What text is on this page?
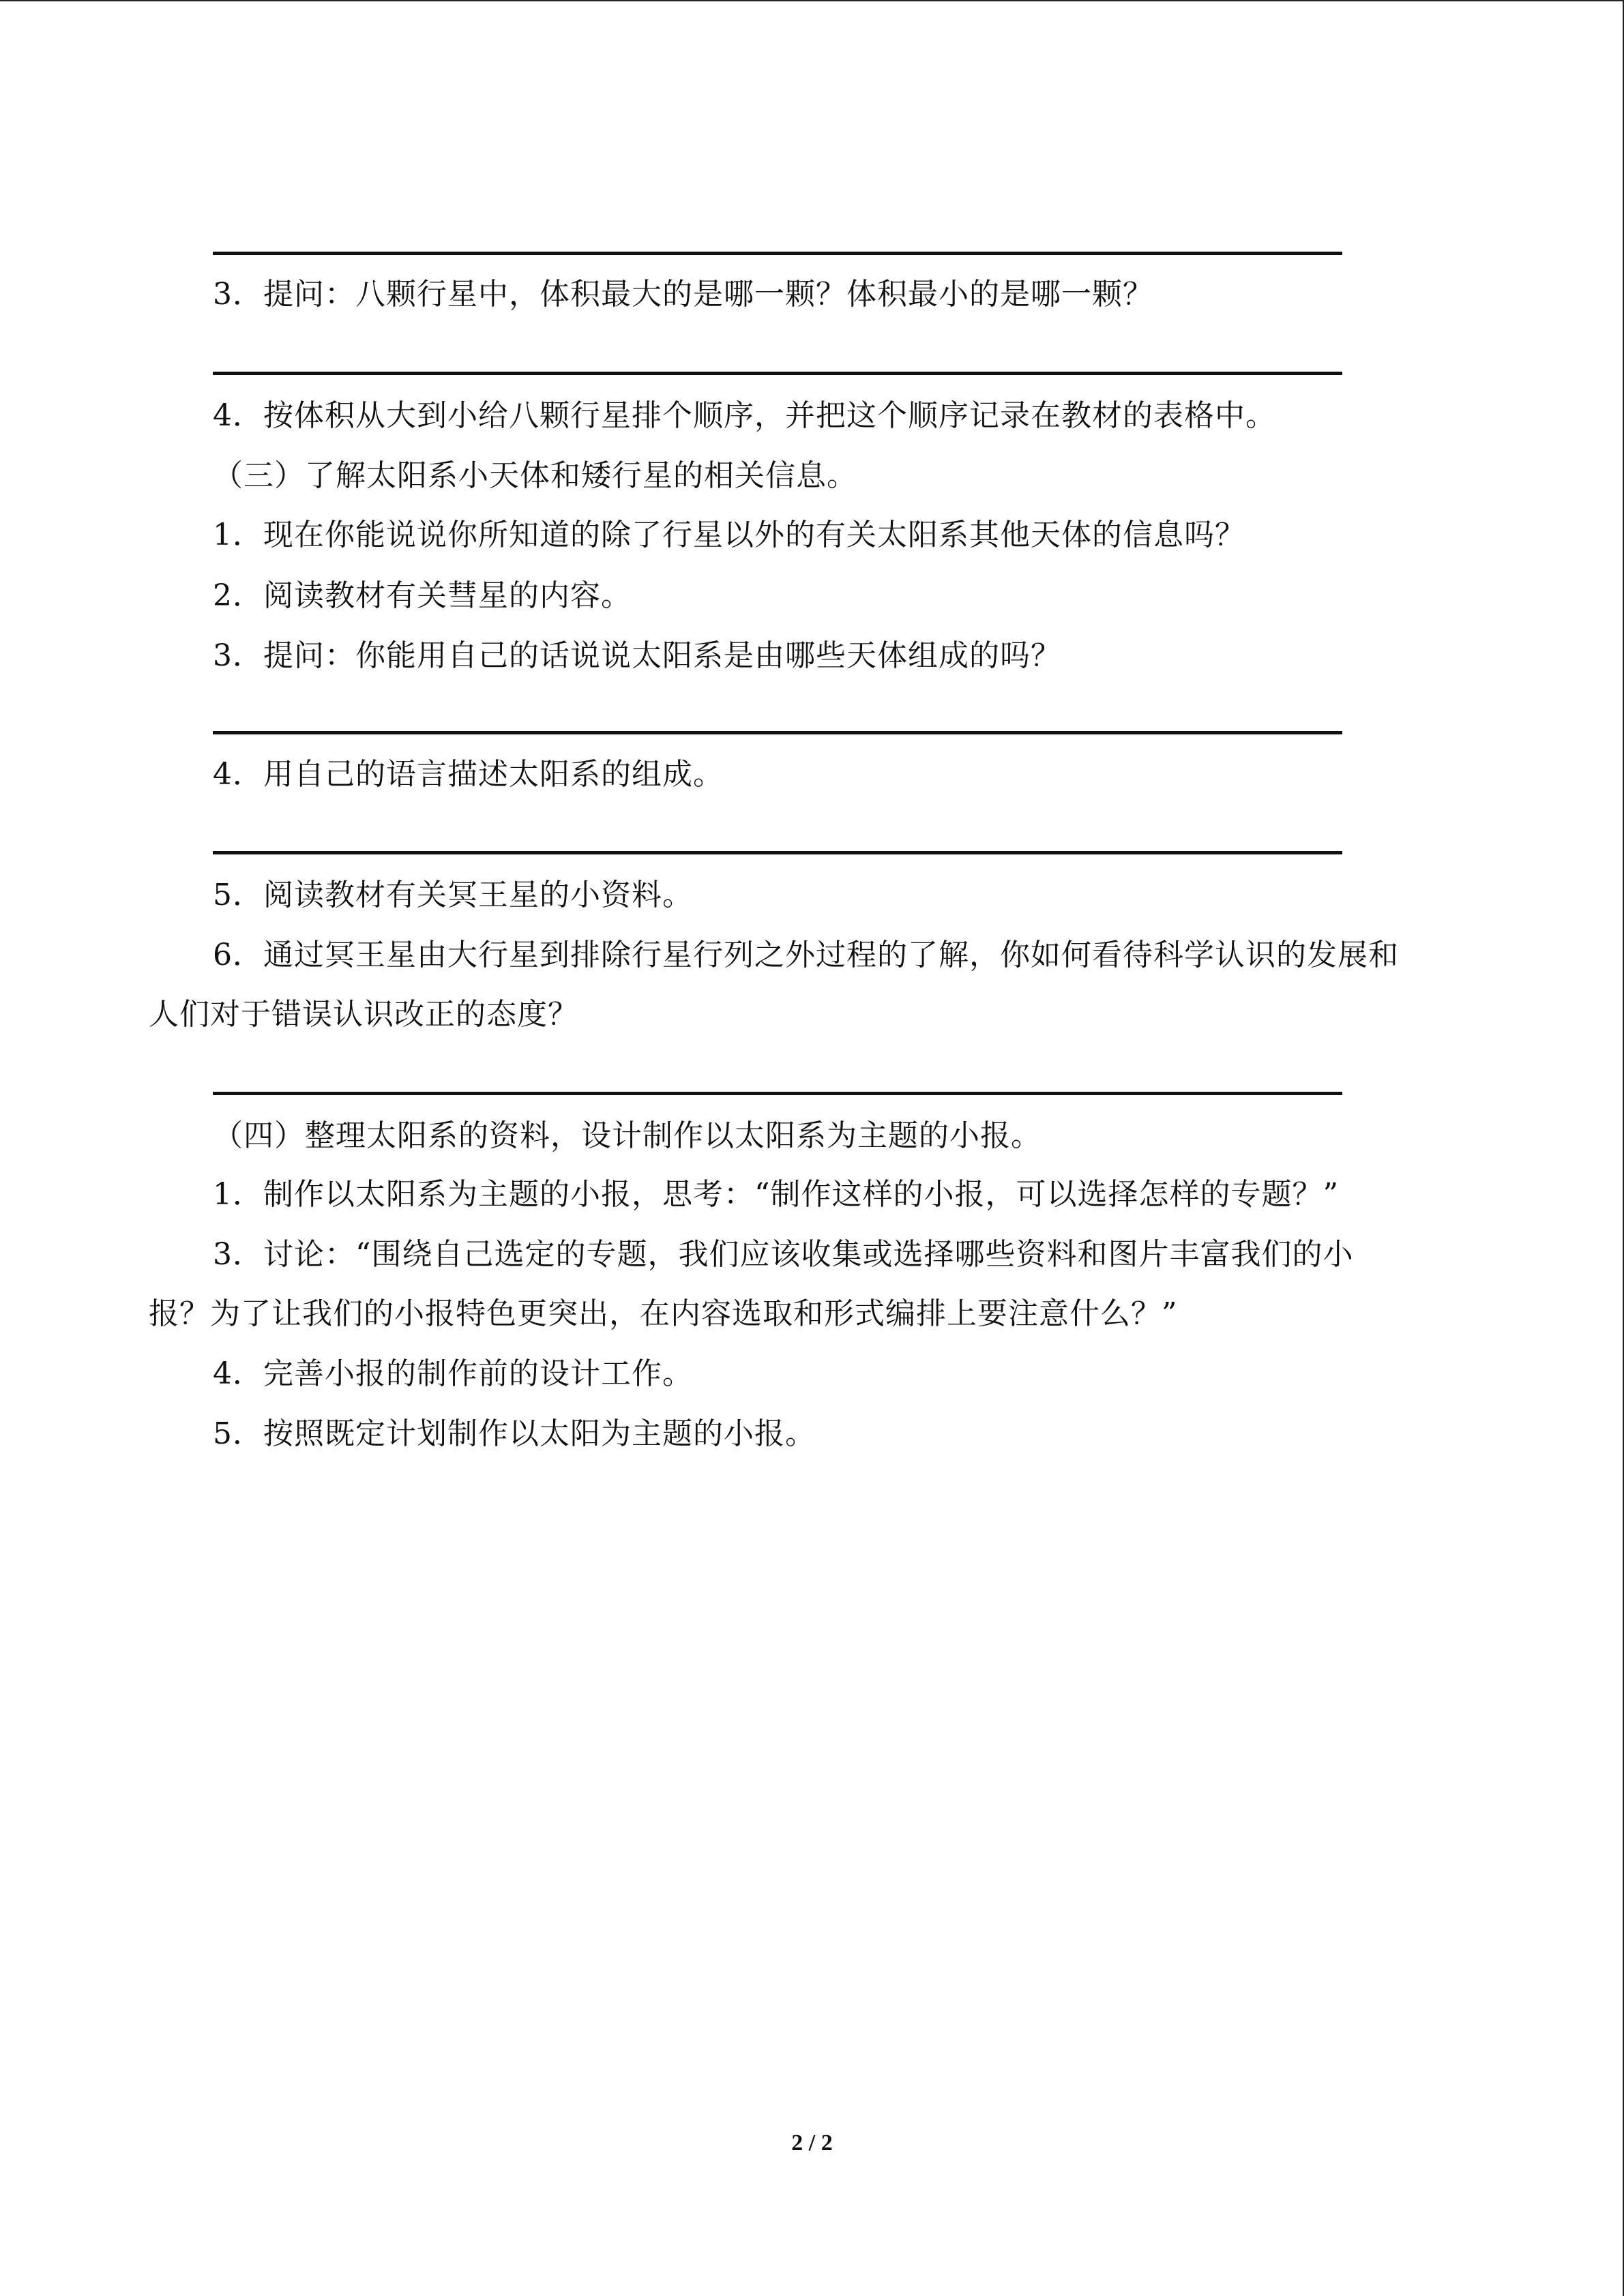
3．提问：八颗行星中，体积最大的是哪一颗？体积最小的是哪一颗？
4．按体积从大到小给八颗行星排个顺序，并把这个顺序记录在教材的表格中。
（三）了解太阳系小天体和矮行星的相关信息。
1．现在你能说说你所知道的除了行星以外的有关太阳系其他天体的信息吗？
2．阅读教材有关彗星的内容。
3．提问：你能用自己的话说说太阳系是由哪些天体组成的吗？
4．用自己的语言描述太阳系的组成。
5．阅读教材有关冥王星的小资料。
6．通过冥王星由大行星到排除行星行列之外过程的了解，你如何看待科学认识的发展和
人们对于错误认识改正的态度？
（四）整理太阳系的资料，设计制作以太阳系为主题的小报。
1．制作以太阳系为主题的小报，思考：“制作这样的小报，可以选择怎样的专题？”
3．讨论：“围绕自己选定的专题，我们应该收集或选择哪些资料和图片丰富我们的小
报？为了让我们的小报特色更突出，在内容选取和形式编排上要注意什么？”
4．完善小报的制作前的设计工作。
5．按照既定计划制作以太阳为主题的小报。
2 / 2
